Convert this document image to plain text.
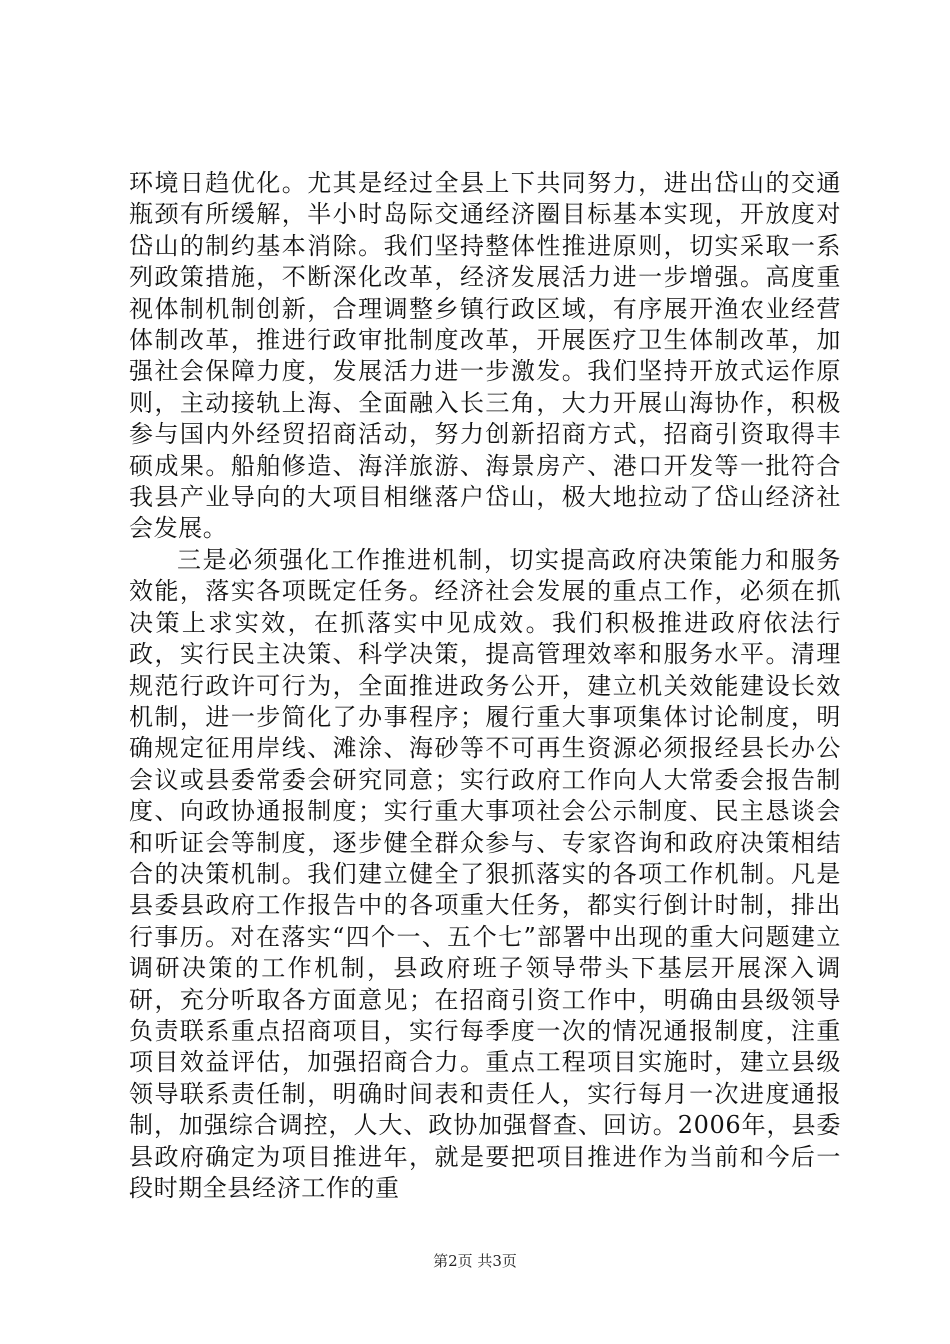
环境日趋优化。尤其是经过全县上下共同努力，进出岱山的交通瓶颈有所缓解，半小时岛际交通经济圈目标基本实现，开放度对岱山的制约基本消除。我们坚持整体性推进原则，切实采取一系列政策措施，不断深化改革，经济发展活力进一步增强。高度重视体制机制创新，合理调整乡镇行政区域，有序展开渔农业经营体制改革，推进行政审批制度改革，开展医疗卫生体制改革，加强社会保障力度，发展活力进一步激发。我们坚持开放式运作原则，主动接轨上海、全面融入长三角，大力开展山海协作，积极参与国内外经贸招商活动，努力创新招商方式，招商引资取得丰硕成果。船舶修造、海洋旅游、海景房产、港口开发等一批符合我县产业导向的大项目相继落户岱山，极大地拉动了岱山经济社会发展。

三是必须强化工作推进机制，切实提高政府决策能力和服务效能，落实各项既定任务。经济社会发展的重点工作，必须在抓决策上求实效，在抓落实中见成效。我们积极推进政府依法行政，实行民主决策、科学决策，提高管理效率和服务水平。清理规范行政许可行为，全面推进政务公开，建立机关效能建设长效机制，进一步简化了办事程序；履行重大事项集体讨论制度，明确规定征用岸线、滩涂、海砂等不可再生资源必须报经县长办公会议或县委常委会研究同意；实行政府工作向人大常委会报告制度、向政协通报制度；实行重大事项社会公示制度、民主恳谈会和听证会等制度，逐步健全群众参与、专家咨询和政府决策相结合的决策机制。我们建立健全了狠抓落实的各项工作机制。凡是县委县政府工作报告中的各项重大任务，都实行倒计时制，排出行事历。对在落实“四个一、五个七”部署中出现的重大问题建立调研决策的工作机制，县政府班子领导带头下基层开展深入调研，充分听取各方面意见；在招商引资工作中，明确由县级领导负责联系重点招商项目，实行每季度一次的情况通报制度，注重项目效益评估，加强招商合力。重点工程项目实施时，建立县级领导联系责任制，明确时间表和责任人，实行每月一次进度通报制，加强综合调控，人大、政协加强督查、回访。2006年，县委县政府确定为项目推进年，就是要把项目推进作为当前和今后一段时期全县经济工作的重

第2页 共3页
